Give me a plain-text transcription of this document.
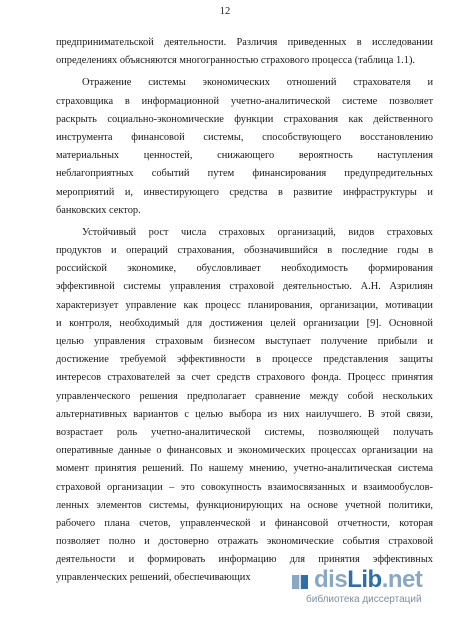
12
предпринимательской деятельности. Различия приведенных в исследовании
определениях объясняются многогранностью страхового процесса (таблица 1.1).
Отражение системы экономических отношений страхователя и
страховщика в информационной учетно-аналитической системе позволяет
раскрыть социально-экономические функции страхования как действенного
инструмента финансовой системы, способствующего восстановлению
материальных ценностей, снижающего вероятность наступления
неблагоприятных событий путем финансирования предупредительных
мероприятий и, инвестирующего средства в развитие инфраструктуры и
банковских сектор.
Устойчивый рост числа страховых организаций, видов страховых
продуктов и операций страхования, обозначившийся в последние годы в
российской экономике, обусловливает необходимость формирования
эффективной системы управления страховой деятельностью. А.Н. Азрилиян
характеризует управление как процесс планирования, организации, мотивации
и контроля, необходимый для достижения целей организации [9]. Основной
целью управления страховым бизнесом выступает получение прибыли и
достижение требуемой эффективности в процессе представления защиты
интересов страхователей за счет средств страхового фонда. Процесс принятия
управленческого решения предполагает сравнение между собой нескольких
альтернативных вариантов с целью выбора из них наилучшего. В этой связи,
возрастает роль учетно-аналитической системы, позволяющей получать
оперативные данные о финансовых и экономических процессах организации на
момент принятия решений. По нашему мнению, учетно-аналитическая система
страховой организации – это совокупность взаимосвязанных и взаимообуслов-
ленных элементов системы, функционирующих на основе учетной политики,
рабочего плана счетов, управленческой и финансовой отчетности, которая
позволяет полно и достоверно отражать экономические события страховой
деятельности и формировать информацию для принятия эффективных
управленческих решений, обеспечивающих	disLib.net
библиотека диссертаций
